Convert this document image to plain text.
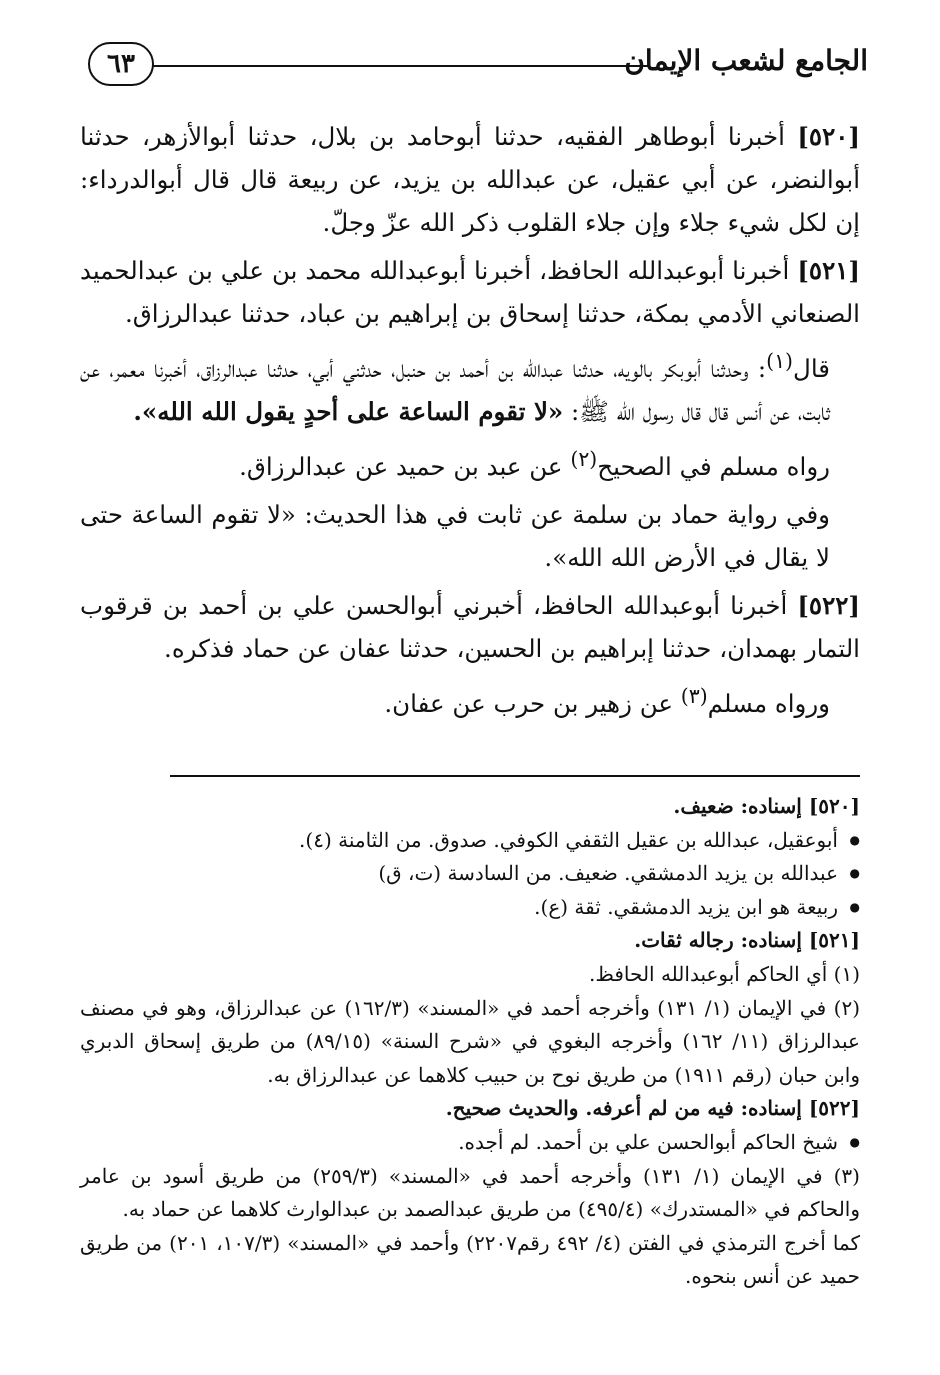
٦٣	الجامع لشعب الإيمان

[٥٢٠] أخبرنا أبوطاهر الفقيه، حدثنا أبوحامد بن بلال، حدثنا أبوالأزهر، حدثنا أبوالنضر، عن أبي عقيل، عن عبدالله بن يزيد، عن ربيعة قال قال أبوالدرداء: إن لكل شيء جلاء وإن جلاء القلوب ذكر الله عزّ وجلّ.

[٥٢١] أخبرنا أبوعبدالله الحافظ، أخبرنا أبوعبدالله محمد بن علي بن عبدالحميد الصنعاني الأدمي بمكة، حدثنا إسحاق بن إبراهيم بن عباد، حدثنا عبدالرزاق.

قال$^{(١)}$: وحدثنا أبوبكر بالويه، حدثنا عبدالله بن أحمد بن حنبل، حدثني أبي، حدثنا عبدالرزاق، أخبرنا معمر، عن ثابت، عن أنس قال قال رسول الله ﷺ: «لا تقوم الساعة على أحدٍ يقول الله الله».

رواه مسلم في الصحيح$^{(٢)}$ عن عبد بن حميد عن عبدالرزاق.

وفي رواية حماد بن سلمة عن ثابت في هذا الحديث: «لا تقوم الساعة حتى لا يقال في الأرض الله الله».

[٥٢٢] أخبرنا أبوعبدالله الحافظ، أخبرني أبوالحسن علي بن أحمد بن قرقوب التمار بهمدان، حدثنا إبراهيم بن الحسين، حدثنا عفان عن حماد فذكره.

ورواه مسلم$^{(٣)}$ عن زهير بن حرب عن عفان.

[٥٢٠] إسناده: ضعيف.

● أبوعقيل، عبدالله بن عقيل الثقفي الكوفي. صدوق. من الثامنة (٤).

● عبدالله بن يزيد الدمشقي. ضعيف. من السادسة (ت، ق)

● ربيعة هو ابن يزيد الدمشقي. ثقة (ع).

[٥٢١] إسناده: رجاله ثقات.

(١) أي الحاكم أبوعبدالله الحافظ.

(٢) في الإيمان (١/ ١٣١) وأخرجه أحمد في «المسند» (١٦٢/٣) عن عبدالرزاق، وهو في مصنف عبدالرزاق (١١/ ١٦٢) وأخرجه البغوي في «شرح السنة» (٨٩/١٥) من طريق إسحاق الدبري وابن حبان (رقم ١٩١١) من طريق نوح بن حبيب كلاهما عن عبدالرزاق به.

[٥٢٢] إسناده: فيه من لم أعرفه. والحديث صحيح.

● شيخ الحاكم أبوالحسن علي بن أحمد. لم أجده.

(٣) في الإيمان (١/ ١٣١) وأخرجه أحمد في «المسند» (٢٥٩/٣) من طريق أسود بن عامر والحاكم في «المستدرك» (٤٩٥/٤) من طريق عبدالصمد بن عبدالوارث كلاهما عن حماد به.

كما أخرج الترمذي في الفتن (٤/ ٤٩٢ رقم٢٢٠٧) وأحمد في «المسند» (١٠٧/٣، ٢٠١) من طريق حميد عن أنس بنحوه.
